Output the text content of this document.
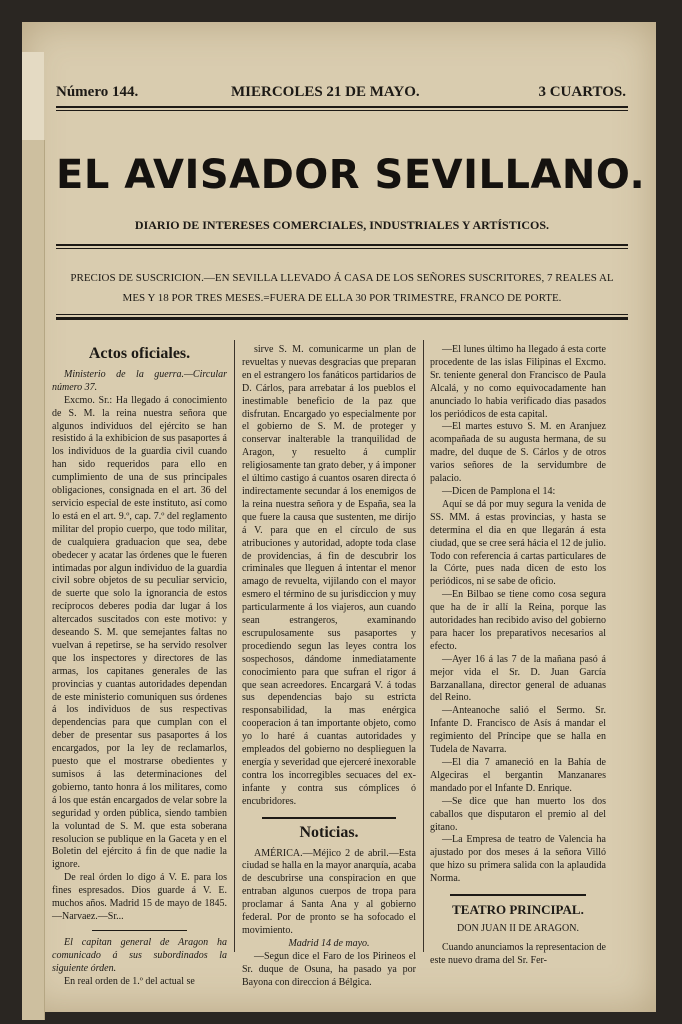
Número 144.	MIERCOLES 21 DE MAYO.	3 CUARTOS.
EL AVISADOR SEVILLANO.
DIARIO DE INTERESES COMERCIALES, INDUSTRIALES Y ARTÍSTICOS.
PRECIOS DE SUSCRICION.—EN SEVILLA LLEVADO Á CASA DE LOS SEÑORES SUSCRITORES, 7 REALES AL
MES Y 18 POR TRES MESES.=FUERA DE ELLA 30 POR TRIMESTRE, FRANCO DE PORTE.
Actos oficiales.

Ministerio de la guerra.—Circular número 37.

Excmo. Sr.: Ha llegado á conocimiento de S. M. la reina nuestra señora que algunos individuos del ejército se han resistido á la exhibicion de sus pasaportes á los individuos de la guardia civil cuando han sido requeridos para ello en cumplimiento de una de sus principales obligaciones, consignada en el art. 36 del servicio especial de este instituto, así como lo está en el art. 9.º, cap. 7.º del reglamento militar del propio cuerpo, que todo militar, de cualquiera graduacion que sea, debe obedecer y acatar las órdenes que le fueren intimadas por algun individuo de la guardia civil sobre objetos de su peculiar servicio, de suerte que solo la ignorancia de estos recíprocos deberes podia dar lugar á los altercados suscitados con este motivo: y deseando S. M. que semejantes faltas no vuelvan á repetirse, se ha servido resolver que los inspectores y directores de las armas, los capitanes generales de las provincias y cuantas autoridades dependan de este ministerio comuniquen sus órdenes á los individuos de sus respectivas dependencias para que cumplan con el deber de presentar sus pasaportes á los encargados, por la ley de reclamarlos, puesto que el mostrarse obedientes y sumisos á las determinaciones del gobierno, tanto honra á los militares, como á los que están encargados de velar sobre la seguridad y orden pública, siendo tambien la voluntad de S. M. que esta soberana resolucion se publique en la Gaceta y en el Boletin del ejército á fin de que nadie la ignore.

De real órden lo digo á V. E. para los fines espresados. Dios guarde á V. E. muchos años. Madrid 15 de mayo de 1845.—Narvaez.—Sr...

El capitan general de Aragon ha comunicado á sus subordinados la siguiente órden.

En real orden de 1.º del actual se

sirve S. M. comunicarme un plan de revueltas y nuevas desgracias que preparan en el estrangero los fanáticos partidarios de D. Cárlos, para arrebatar á los pueblos el inestimable beneficio de la paz que disfrutan. Encargado yo especialmente por el gobierno de S. M. de proteger y conservar inalterable la tranquilidad de Aragon, y resuelto á cumplir religiosamente tan grato deber, y á imponer el último castigo á cuantos osaren directa ó indirectamente secundar á los enemigos de la reina nuestra señora y de España, sea la que fuere la causa que sustenten, me dirijo á V. para que en el círculo de sus atribuciones y autoridad, adopte toda clase de providencias, á fin de descubrir los criminales que lleguen á intentar el menor amago de revuelta, vijilando con el mayor esmero el término de su jurisdiccion y muy particularmente á los viajeros, aun cuando sean estrangeros, examinando escrupulosamente sus pasaportes y procediendo segun las leyes contra los sospechosos, dándome inmediatamente conocimiento para que sufran el rigor á que sean acreedores. Encargará V. á todas sus dependencias bajo su estricta responsabilidad, la mas enérgica cooperacion á tan importante objeto, como yo lo haré á cuantas autoridades y empleados del gobierno no desplieguen la energía y severidad que ejerceré inexorable contra los incorregibles secuaces del ex-infante y contra sus cómplices ó encubridores.

Noticias.

AMÉRICA.—Méjico 2 de abril.—Esta ciudad se halla en la mayor anarquía, acaba de descubrirse una conspiracion en que entraban algunos cuerpos de tropa para proclamar á Santa Ana y al gobierno federal. Por de pronto se ha sofocado el movimiento.

Madrid 14 de mayo.

—Segun dice el Faro de los Pirineos el Sr. duque de Osuna, ha pasado ya por Bayona con direccion á Bélgica.

—El lunes último ha llegado á esta corte procedente de las islas Filipinas el Excmo. Sr. teniente general don Francisco de Paula Alcalá, y no como equivocadamente han anunciado lo habia verificado dias pasados los periódicos de esta capital.

—El martes estuvo S. M. en Aranjuez acompañada de su augusta hermana, de su madre, del duque de S. Cárlos y de otros varios señores de la servidumbre de palacio.

—Dicen de Pamplona el 14:

Aquí se dá por muy segura la venida de SS. MM. á estas provincias, y hasta se determina el dia en que llegarán á esta ciudad, que se cree será hácia el 12 de julio. Todo con referencia á cartas particulares de la Córte, pues nada dicen de esto los periódicos, ni se sabe de oficio.

—En Bilbao se tiene como cosa segura que ha de ir allí la Reina, porque las autoridades han recibido aviso del gobierno para hacer los preparativos necesarios al efecto.

—Ayer 16 á las 7 de la mañana pasó á mejor vida el Sr. D. Juan García Barzanallana, director general de aduanas del Reino.

—Anteanoche salió el Sermo. Sr. Infante D. Francisco de Asís á mandar el regimiento del Príncipe que se halla en Tudela de Navarra.

—El dia 7 amaneció en la Bahía de Algeciras el bergantin Manzanares mandado por el Infante D. Enrique.

—Se dice que han muerto los dos caballos que disputaron el premio al del gitano.

—La Empresa de teatro de Valencia ha ajustado por dos meses á la señora Villó que hizo su primera salida con la aplaudida Norma.

TEATRO PRINCIPAL.

DON JUAN II DE ARAGON.

Cuando anunciamos la representacion de este nuevo drama del Sr. Fer-
